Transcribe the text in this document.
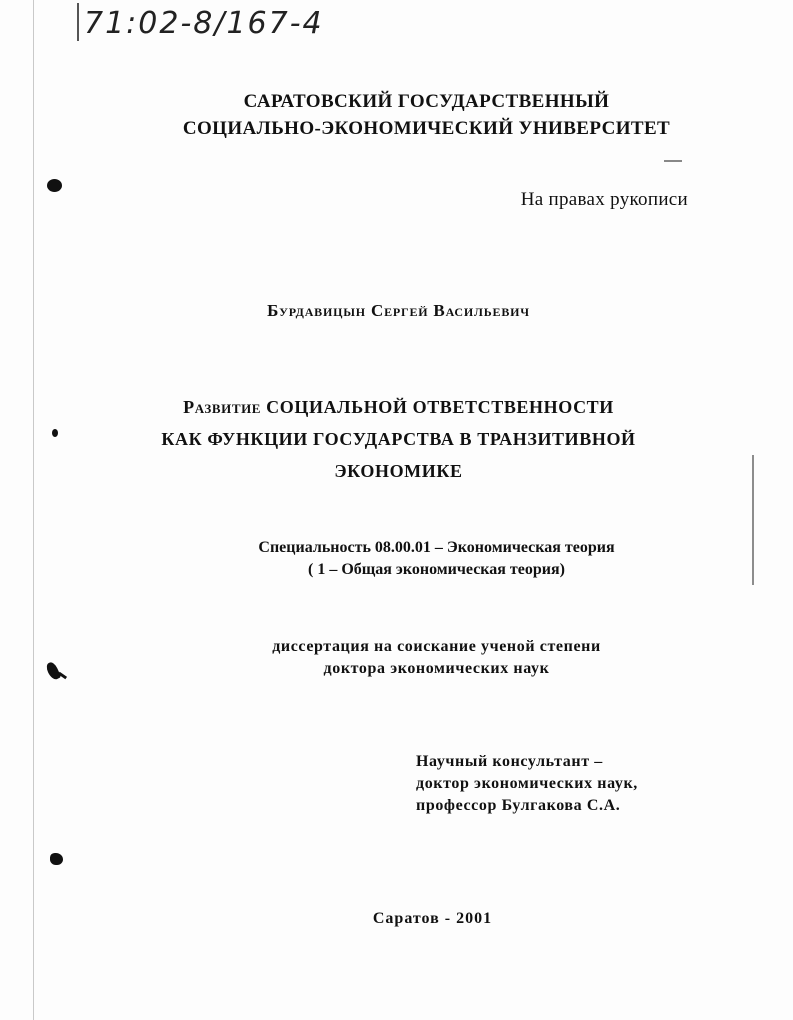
71:02-8/167-4
САРАТОВСКИЙ ГОСУДАРСТВЕННЫЙ
СОЦИАЛЬНО-ЭКОНОМИЧЕСКИЙ УНИВЕРСИТЕТ
На правах рукописи
Бурдавицын Сергей Васильевич
Развитие СОЦИАЛЬНОЙ ОТВЕТСТВЕННОСТИ
КАК ФУНКЦИИ ГОСУДАРСТВА В ТРАНЗИТИВНОЙ
ЭКОНОМИКЕ
Специальность 08.00.01 – Экономическая теория
( 1 – Общая экономическая теория)
диссертация на соискание ученой степени
доктора экономических наук
Научный консультант –
доктор экономических наук,
профессор Булгакова С.А.
Саратов - 2001
